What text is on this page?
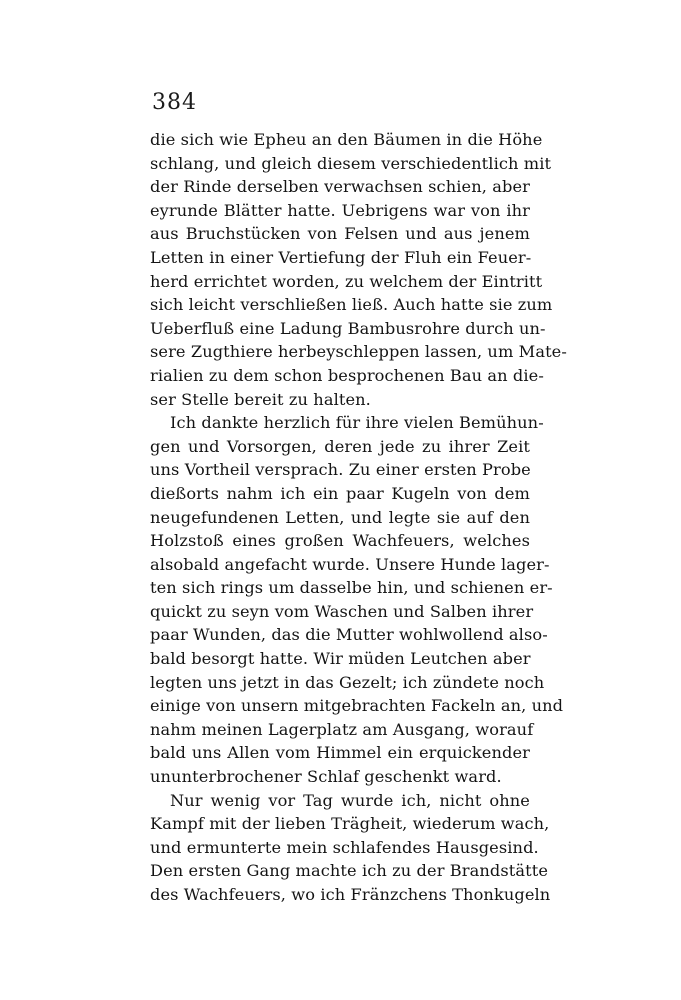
384
die sich wie Epheu an den Bäumen in die Höhe
schlang, und gleich diesem verschiedentlich mit
der Rinde derselben verwachsen schien, aber
eyrunde Blätter hatte. Uebrigens war von ihr
aus Bruchstücken von Felsen und aus jenem
Letten in einer Vertiefung der Fluh ein Feuer-
herd errichtet worden, zu welchem der Eintritt
sich leicht verschließen ließ. Auch hatte sie zum
Ueberfluß eine Ladung Bambusrohre durch un-
sere Zugthiere herbeyschleppen lassen, um Mate-
rialien zu dem schon besprochenen Bau an die-
ser Stelle bereit zu halten.
Ich dankte herzlich für ihre vielen Bemühun-
gen und Vorsorgen, deren jede zu ihrer Zeit
uns Vortheil versprach. Zu einer ersten Probe
dießorts nahm ich ein paar Kugeln von dem
neugefundenen Letten, und legte sie auf den
Holzstoß eines großen Wachfeuers, welches
alsobald angefacht wurde. Unsere Hunde lager-
ten sich rings um dasselbe hin, und schienen er-
quickt zu seyn vom Waschen und Salben ihrer
paar Wunden, das die Mutter wohlwollend also-
bald besorgt hatte. Wir müden Leutchen aber
legten uns jetzt in das Gezelt; ich zündete noch
einige von unsern mitgebrachten Fackeln an, und
nahm meinen Lagerplatz am Ausgang, worauf
bald uns Allen vom Himmel ein erquickender
ununterbrochener Schlaf geschenkt ward.
Nur wenig vor Tag wurde ich, nicht ohne
Kampf mit der lieben Trägheit, wiederum wach,
und ermunterte mein schlafendes Hausgesind.
Den ersten Gang machte ich zu der Brandstätte
des Wachfeuers, wo ich Fränzchens Thonkugeln
